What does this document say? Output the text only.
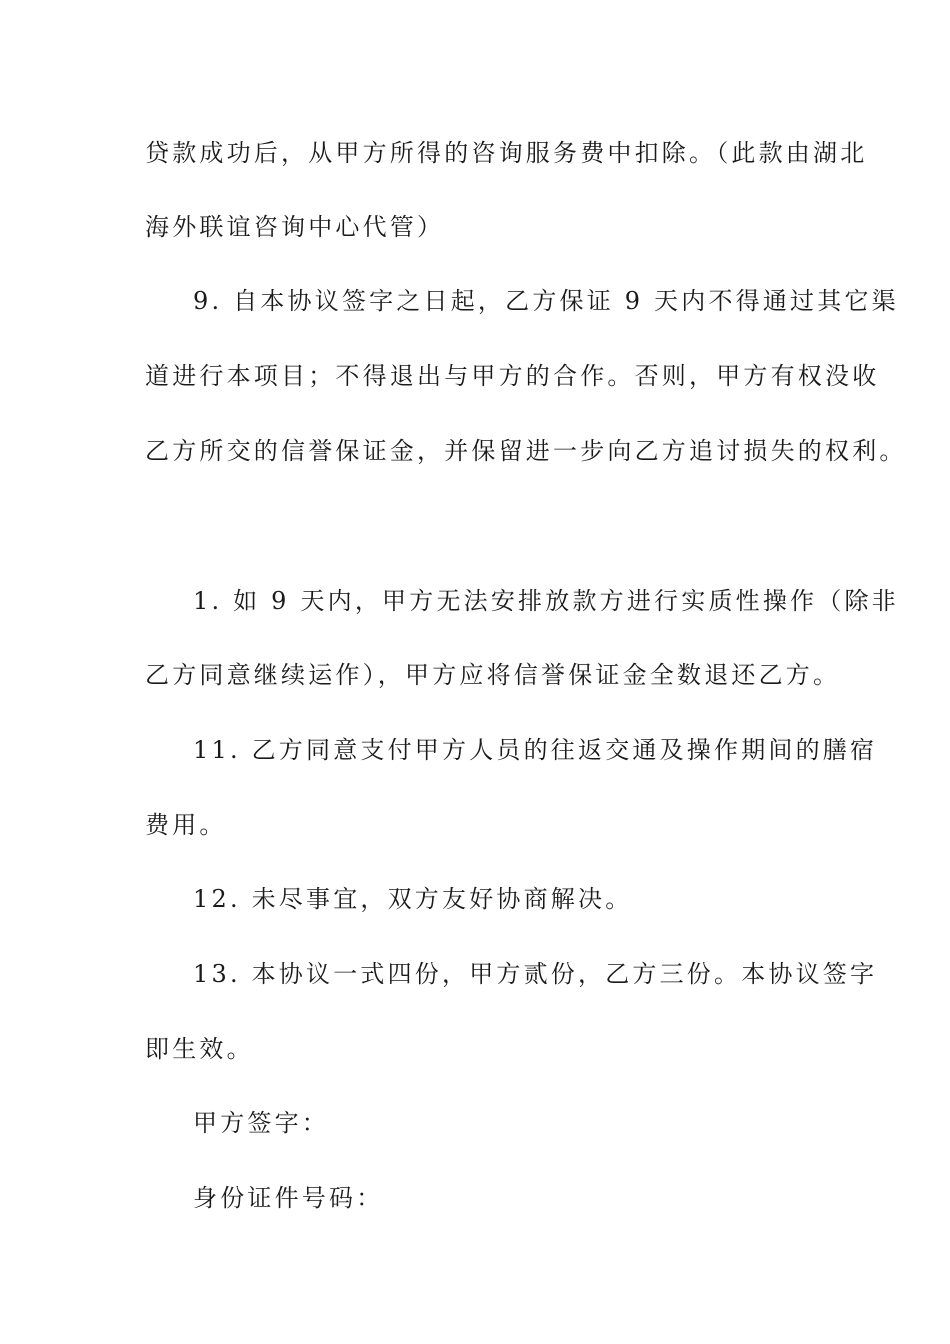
贷款成功后，从甲方所得的咨询服务费中扣除。（此款由湖北
海外联谊咨询中心代管）
9. 自本协议签字之日起，乙方保证 9 天内不得通过其它渠
道进行本项目；不得退出与甲方的合作。否则，甲方有权没收
乙方所交的信誉保证金，并保留进一步向乙方追讨损失的权利。
1. 如 9 天内，甲方无法安排放款方进行实质性操作（除非
乙方同意继续运作），甲方应将信誉保证金全数退还乙方。
11. 乙方同意支付甲方人员的往返交通及操作期间的膳宿
费用。
12. 未尽事宜，双方友好协商解决。
13. 本协议一式四份，甲方贰份，乙方三份。本协议签字
即生效。
甲方签字：
身份证件号码：
